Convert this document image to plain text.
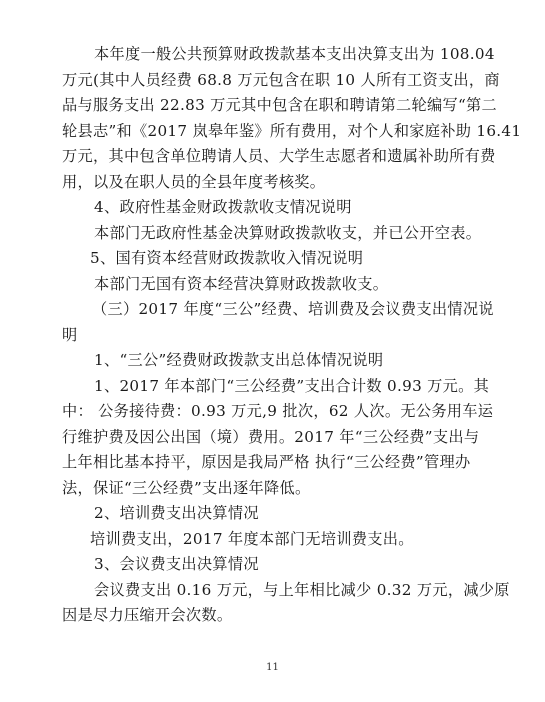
本年度一般公共预算财政拨款基本支出决算支出为 108.04
万元(其中人员经费 68.8 万元包含在职 10 人所有工资支出，商
品与服务支出 22.83 万元其中包含在职和聘请第二轮编写“第二
轮县志”和《2017 岚皋年鉴》所有费用，对个人和家庭补助 16.41
万元，其中包含单位聘请人员、大学生志愿者和遗属补助所有费
用，以及在职人员的全县年度考核奖。
4、政府性基金财政拨款收支情况说明
本部门无政府性基金决算财政拨款收支，并已公开空表。
5、国有资本经营财政拨款收入情况说明
本部门无国有资本经营决算财政拨款收支。
（三）2017 年度“三公”经费、培训费及会议费支出情况说
明
1、“三公”经费财政拨款支出总体情况说明
1、2017 年本部门“三公经费”支出合计数 0.93 万元。其
中： 公务接待费：0.93 万元,9 批次，62 人次。无公务用车运
行维护费及因公出国（境）费用。2017 年“三公经费”支出与
上年相比基本持平，原因是我局严格 执行“三公经费”管理办
法，保证“三公经费”支出逐年降低。
2、培训费支出决算情况
培训费支出，2017 年度本部门无培训费支出。
3、会议费支出决算情况
会议费支出 0.16 万元，与上年相比减少 0.32 万元，减少原
因是尽力压缩开会次数。
11
